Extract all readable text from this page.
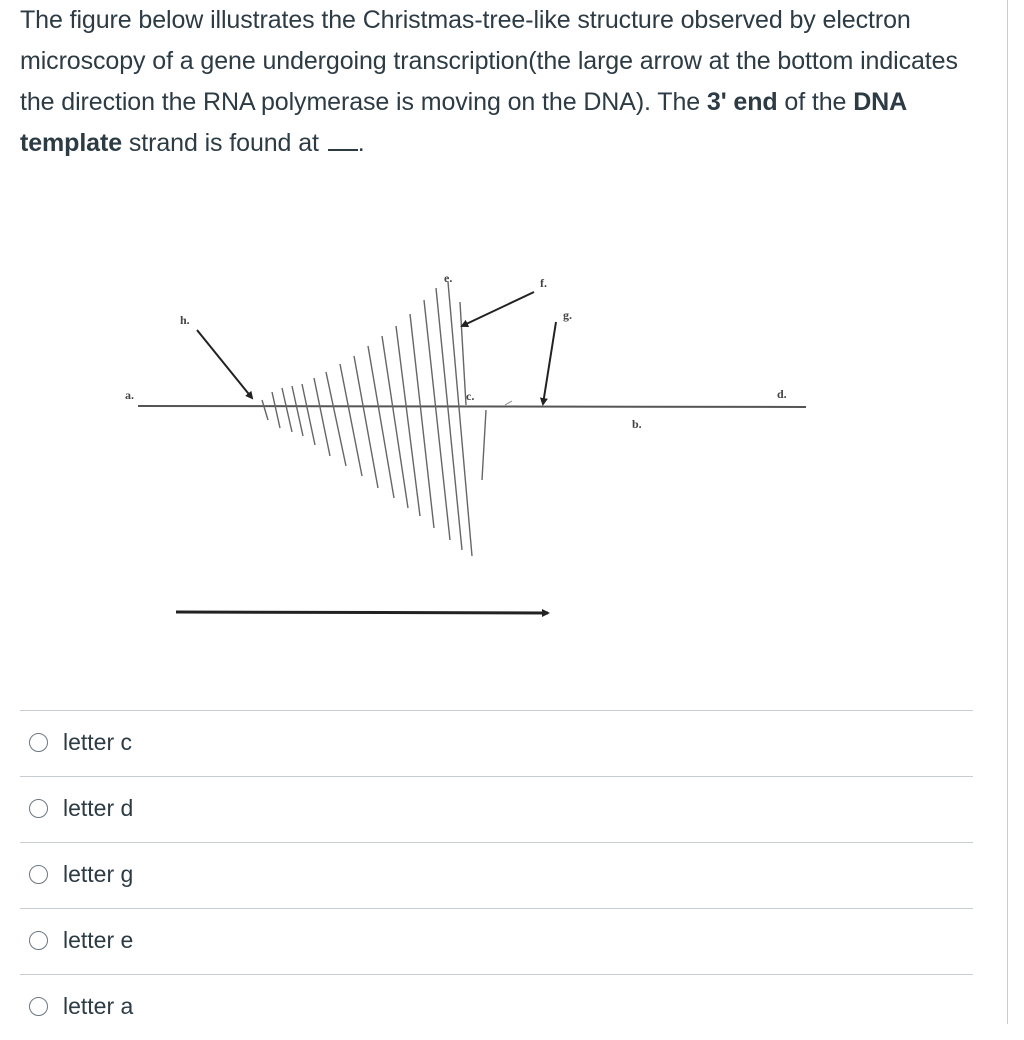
The figure below illustrates the Christmas-tree-like structure observed by electron microscopy of a gene undergoing transcription(the large arrow at the bottom indicates the direction the RNA polymerase is moving on the DNA). The 3' end of the DNA template strand is found at .
a.
b.
c.	d.
e.	f.
g.
h.
letter c
letter d
letter g
letter e
letter a
